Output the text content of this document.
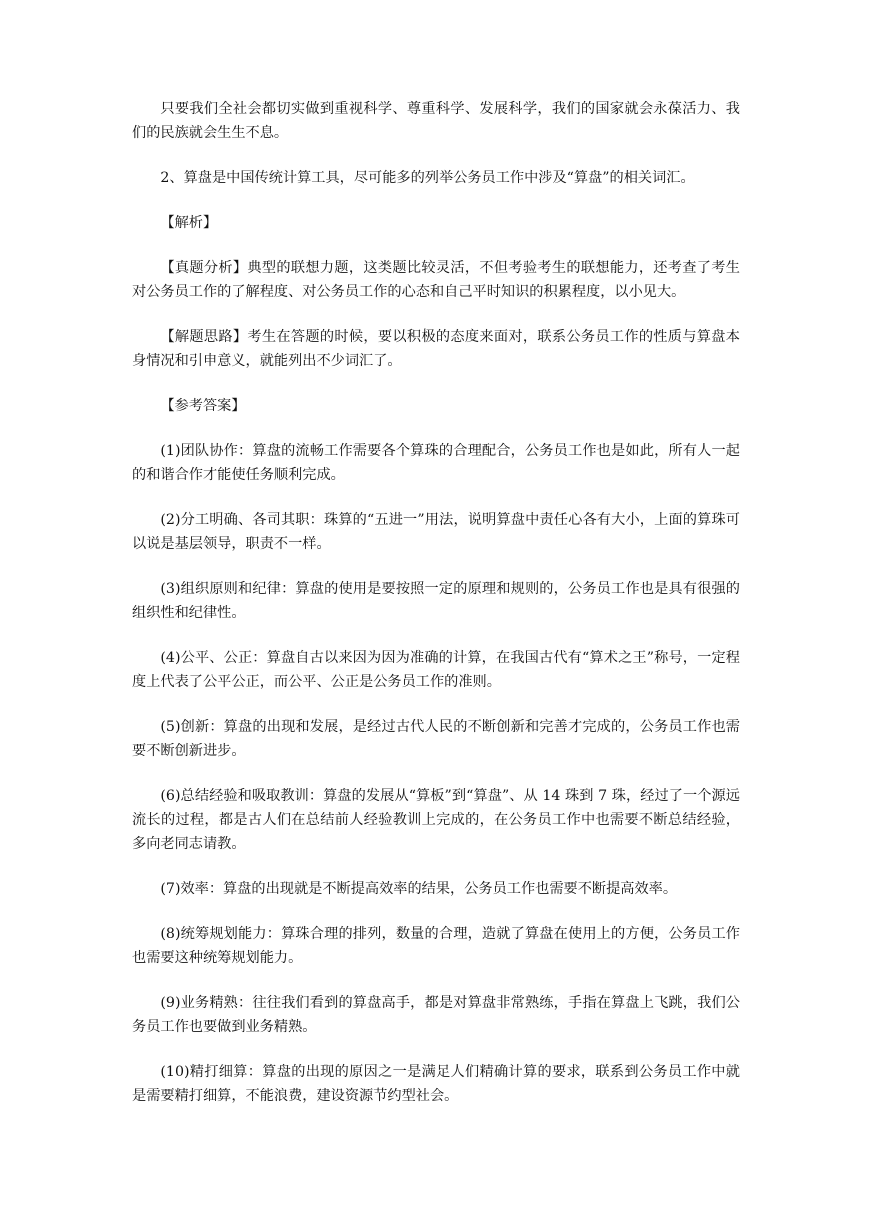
只要我们全社会都切实做到重视科学、尊重科学、发展科学，我们的国家就会永葆活力、我们的民族就会生生不息。

2、算盘是中国传统计算工具，尽可能多的列举公务员工作中涉及“算盘”的相关词汇。

【解析】

【真题分析】典型的联想力题，这类题比较灵活，不但考验考生的联想能力，还考查了考生对公务员工作的了解程度、对公务员工作的心态和自己平时知识的积累程度，以小见大。

【解题思路】考生在答题的时候，要以积极的态度来面对，联系公务员工作的性质与算盘本身情况和引申意义，就能列出不少词汇了。

【参考答案】

(1)团队协作：算盘的流畅工作需要各个算珠的合理配合，公务员工作也是如此，所有人一起的和谐合作才能使任务顺利完成。

(2)分工明确、各司其职：珠算的“五进一”用法，说明算盘中责任心各有大小，上面的算珠可以说是基层领导，职责不一样。

(3)组织原则和纪律：算盘的使用是要按照一定的原理和规则的，公务员工作也是具有很强的组织性和纪律性。

(4)公平、公正：算盘自古以来因为因为准确的计算，在我国古代有“算术之王”称号，一定程度上代表了公平公正，而公平、公正是公务员工作的准则。

(5)创新：算盘的出现和发展，是经过古代人民的不断创新和完善才完成的，公务员工作也需要不断创新进步。

(6)总结经验和吸取教训：算盘的发展从“算板”到“算盘”、从 14 珠到 7 珠，经过了一个源远流长的过程，都是古人们在总结前人经验教训上完成的，在公务员工作中也需要不断总结经验，多向老同志请教。

(7)效率：算盘的出现就是不断提高效率的结果，公务员工作也需要不断提高效率。

(8)统筹规划能力：算珠合理的排列，数量的合理，造就了算盘在使用上的方便，公务员工作也需要这种统筹规划能力。

(9)业务精熟：往往我们看到的算盘高手，都是对算盘非常熟练，手指在算盘上飞跳，我们公务员工作也要做到业务精熟。

(10)精打细算：算盘的出现的原因之一是满足人们精确计算的要求，联系到公务员工作中就是需要精打细算，不能浪费，建设资源节约型社会。
